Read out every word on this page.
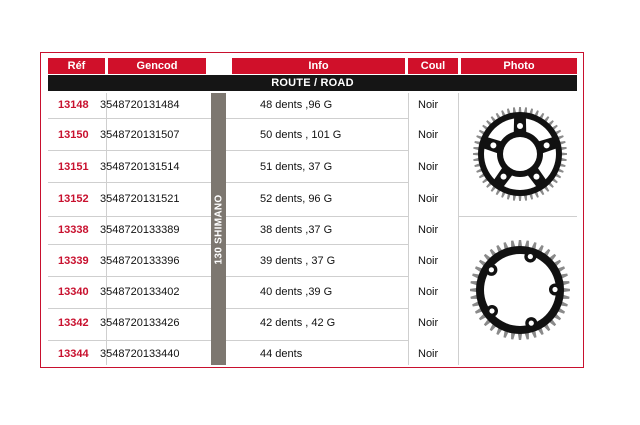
Réf	Gencod	Info	Coul	Photo
ROUTE / ROAD
130 SHIMANO
13148 3548720131484	48 dents ,96 G	Noir
13150 3548720131507	50 dents , 101 G	Noir
13151 3548720131514	51 dents, 37 G	Noir
13152 3548720131521	52 dents, 96 G	Noir
13338 3548720133389	38 dents ,37 G	Noir
13339 3548720133396	39 dents , 37 G	Noir
13340 3548720133402	40 dents ,39 G	Noir
13342 3548720133426	42 dents , 42 G	Noir
13344 3548720133440	44 dents	Noir
